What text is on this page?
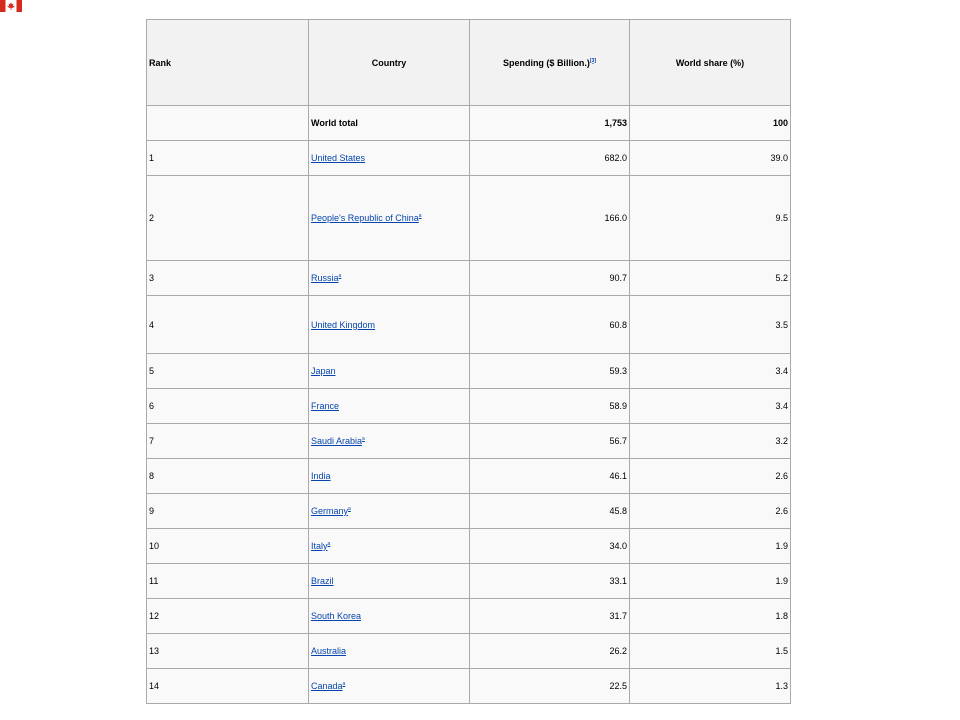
Rank	Country	Spending ($ Billion.)[3]	World share (%)
	World total	1,753	100
1	United States	682.0	39.0
2	People's Republic of China$^a$	166.0	9.5
3	Russia$^a$	90.7	5.2
4	United Kingdom	60.8	3.5
5	Japan	59.3	3.4
6	France	58.9	3.4
7	Saudi Arabia$^a$	56.7	3.2
8	India	46.1	2.6
9	Germany$^a$	45.8	2.6
10	Italy$^a$	34.0	1.9
11	Brazil	33.1	1.9
12	South Korea	31.7	1.8
13	Australia	26.2	1.5
14	Canada$^a$	22.5	1.3
